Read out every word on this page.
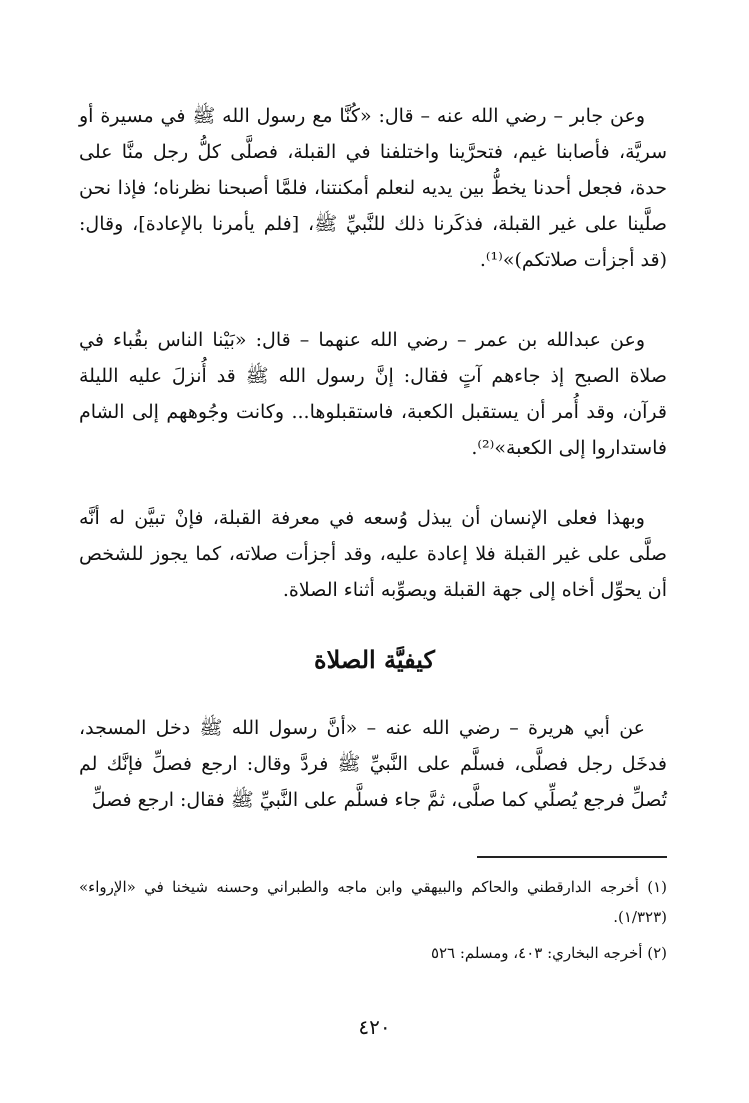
وعن جابر – رضي الله عنه – قال: «كُنَّا مع رسول الله ﷺ في مسيرة أو سريَّة، فأصابنا غيم، فتحرَّينا واختلفنا في القبلة، فصلَّى كلُّ رجل منَّا على حدة، فجعل أحدنا يخطُّ بين يديه لنعلم أمكنتنا، فلمَّا أصبحنا نظرناه؛ فإذا نحن صلَّينا على غير القبلة، فذكَرنا ذلك للنَّبيِّ ﷺ، [فلم يأمرنا بالإعادة]، وقال: (قد أجزأت صلاتكم)»⁽¹⁾.

وعن عبدالله بن عمر – رضي الله عنهما – قال: «بَيْنا الناس بقُباء في صلاة الصبح إذ جاءهم آتٍ فقال: إنَّ رسول الله ﷺ قد أُنزلَ عليه الليلة قرآن، وقد أُمر أن يستقبل الكعبة، فاستقبلوها... وكانت وجُوههم إلى الشام فاستداروا إلى الكعبة»⁽²⁾.

وبهذا فعلى الإنسان أن يبذل وُسعه في معرفة القبلة، فإنْ تبيَّن له أنَّه صلَّى على غير القبلة فلا إعادة عليه، وقد أجزأت صلاته، كما يجوز للشخص أن يحوِّل أخاه إلى جهة القبلة ويصوِّبه أثناء الصلاة.

كيفيَّة الصلاة

عن أبي هريرة – رضي الله عنه – «أنَّ رسول الله ﷺ دخل المسجد، فدخَل رجل فصلَّى، فسلَّم على النَّبيِّ ﷺ فردَّ وقال: ارجع فصلِّ فإنَّك لم تُصلِّ فرجع يُصلِّي كما صلَّى، ثمَّ جاء فسلَّم على النَّبيِّ ﷺ فقال: ارجع فصلِّ

(١) أخرجه الدارقطني والحاكم والبيهقي وابن ماجه والطبراني وحسنه شيخنا في «الإرواء» (١/٣٢٣).

(٢) أخرجه البخاري: ٤٠٣، ومسلم: ٥٢٦

٤٢٠
